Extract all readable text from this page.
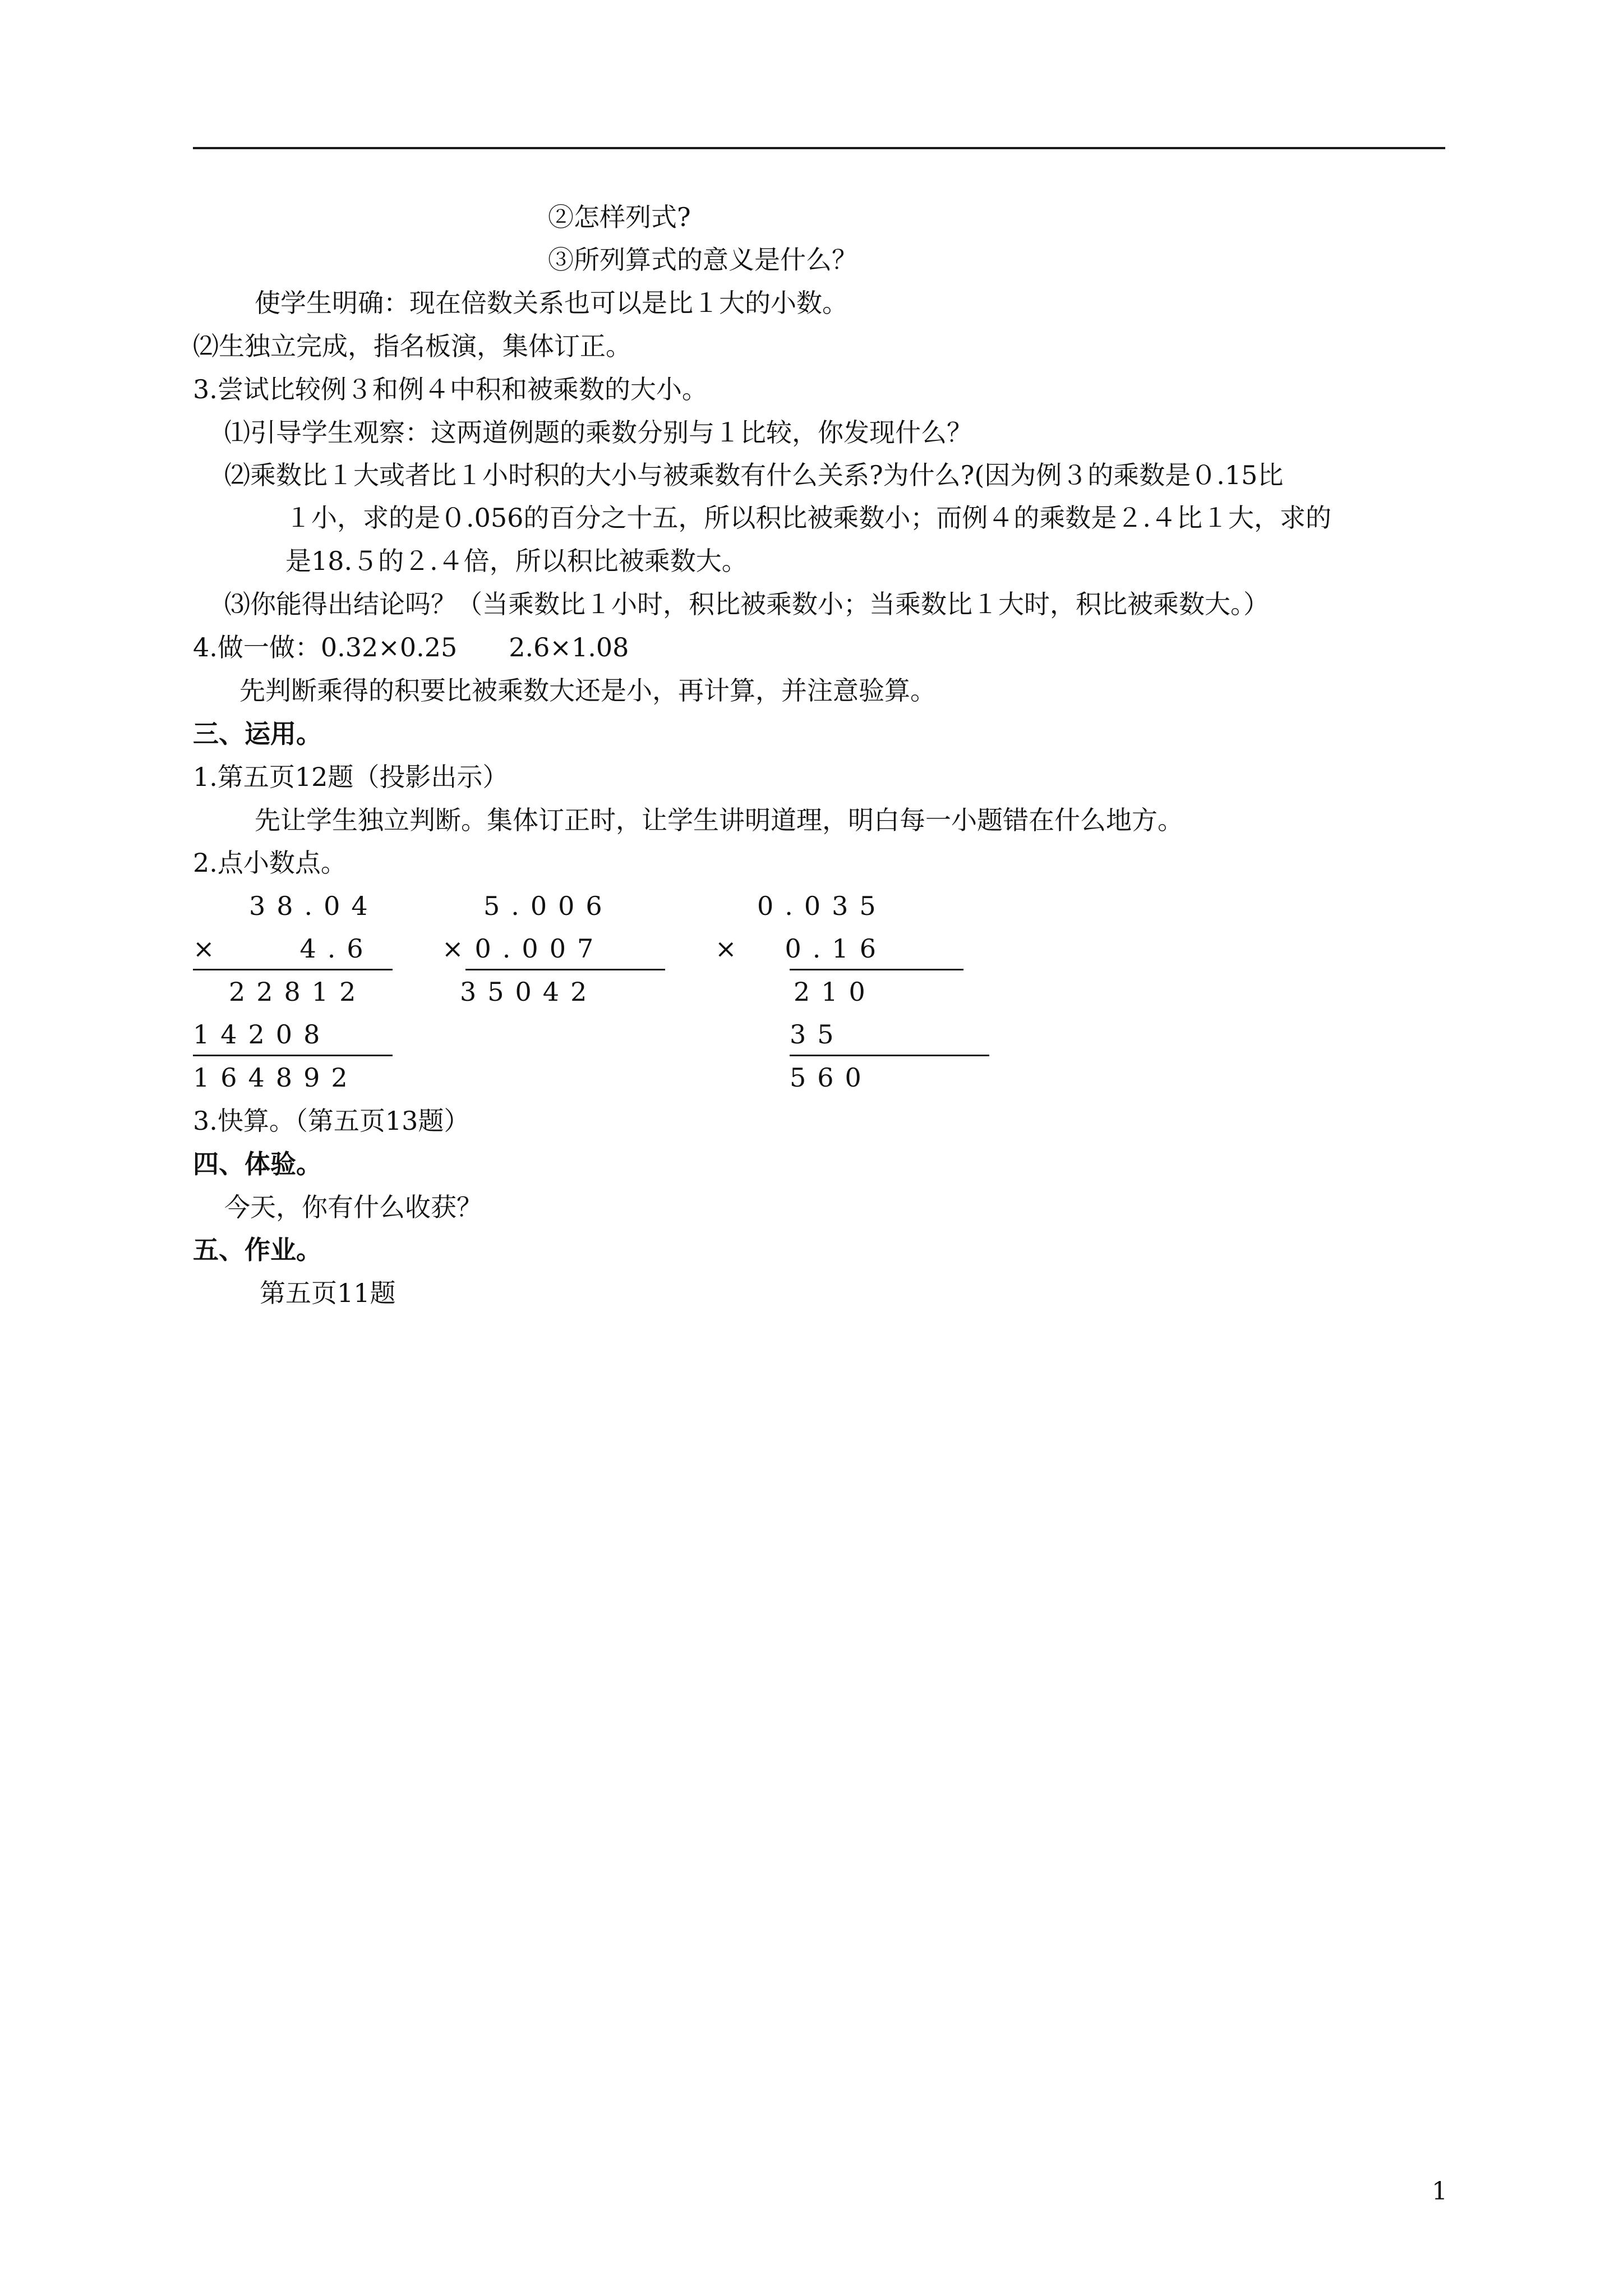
②怎样列式?
③所列算式的意义是什么？
使学生明确：现在倍数关系也可以是比１大的小数。
⑵生独立完成，指名板演，集体订正。
3.尝试比较例３和例４中积和被乘数的大小。
⑴引导学生观察：这两道例题的乘数分别与１比较，你发现什么？
⑵乘数比１大或者比１小时积的大小与被乘数有什么关系?为什么?(因为例３的乘数是０.15比
１小，求的是０.056的百分之十五，所以积比被乘数小；而例４的乘数是２.４比１大，求的
是18.５的２.４倍，所以积比被乘数大。
⑶你能得出结论吗？（当乘数比１小时，积比被乘数小；当乘数比１大时，积比被乘数大。）
4.做一做：0.32×0.25　　2.6×1.08
先判断乘得的积要比被乘数大还是小，再计算，并注意验算。
三、运用。
1.第五页12题（投影出示）
先让学生独立判断。集体订正时，让学生讲明道理，明白每一小题错在什么地方。
2.点小数点。
38.04
×　　4.6
22812
14208
164892
5.006
×0.007
35042
0.035
×　0.16
210
35
560
3.快算。（第五页13题）
四、体验。
今天，你有什么收获？
五、作业。
第五页11题
1
